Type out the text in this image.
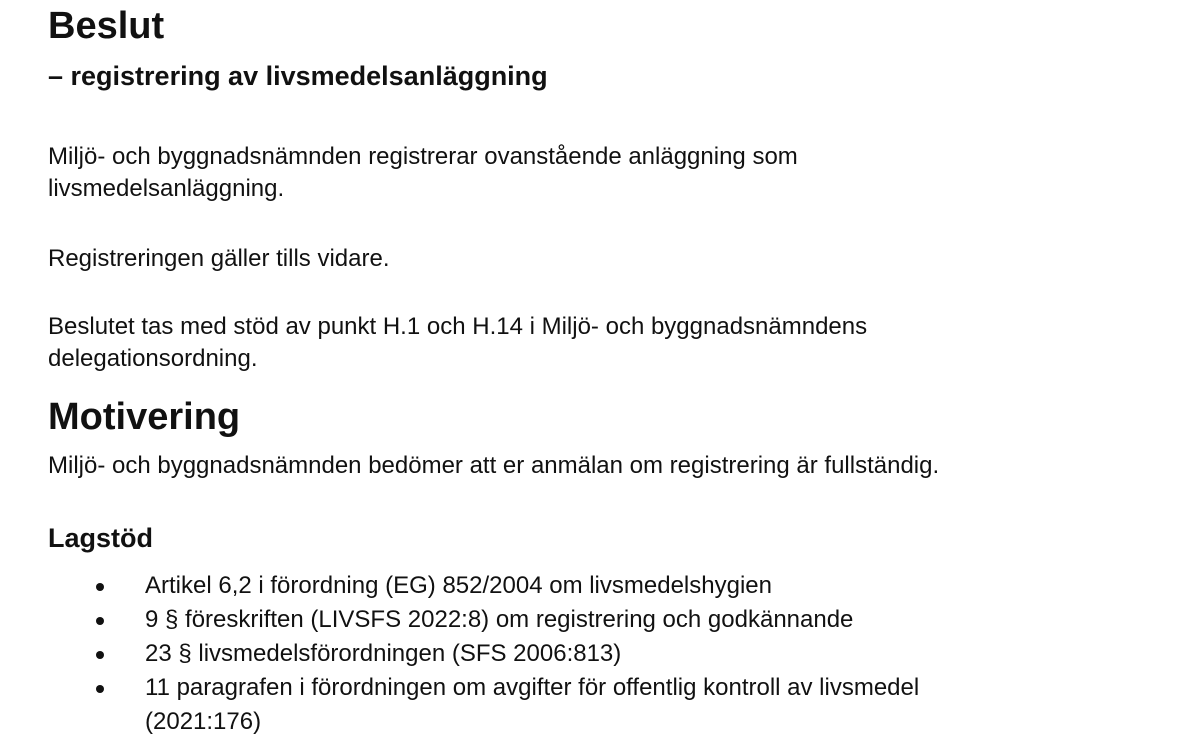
Beslut
– registrering av livsmedelsanläggning

Miljö- och byggnadsnämnden registrerar ovanstående anläggning som
livsmedelsanläggning.

Registreringen gäller tills vidare.

Beslutet tas med stöd av punkt H.1 och H.14 i Miljö- och byggnadsnämndens
delegationsordning.

Motivering

Miljö- och byggnadsnämnden bedömer att er anmälan om registrering är fullständig.

Lagstöd
Artikel 6,2 i förordning (EG) 852/2004 om livsmedelshygien
9 § föreskriften (LIVSFS 2022:8) om registrering och godkännande
23 § livsmedelsförordningen (SFS 2006:813)
11 paragrafen i förordningen om avgifter för offentlig kontroll av livsmedel
(2021:176)
